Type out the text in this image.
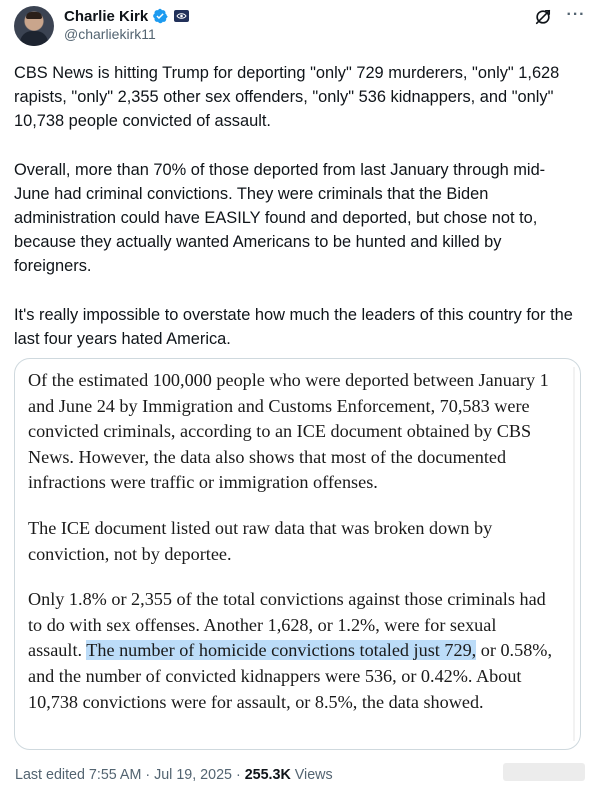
Charlie Kirk
@charliekirk11
···

CBS News is hitting Trump for deporting "only" 729 murderers, "only" 1,628 rapists, "only" 2,355 other sex offenders, "only" 536 kidnappers, and "only" 10,738 people convicted of assault.

Overall, more than 70% of those deported from last January through mid-June had criminal convictions. They were criminals that the Biden administration could have EASILY found and deported, but chose not to, because they actually wanted Americans to be hunted and killed by foreigners.

It's really impossible to overstate how much the leaders of this country for the last four years hated America.

Of the estimated 100,000 people who were deported between January 1 and June 24 by Immigration and Customs Enforcement, 70,583 were convicted criminals, according to an ICE document obtained by CBS News. However, the data also shows that most of the documented infractions were traffic or immigration offenses.

The ICE document listed out raw data that was broken down by conviction, not by deportee.

Only 1.8% or 2,355 of the total convictions against those criminals had to do with sex offenses. Another 1,628, or 1.2%, were for sexual assault. The number of homicide convictions totaled just 729, or 0.58%, and the number of convicted kidnappers were 536, or 0.42%. About 10,738 convictions were for assault, or 8.5%, the data showed.

Last edited 7:55 AM · Jul 19, 2025 · 255.3K Views
